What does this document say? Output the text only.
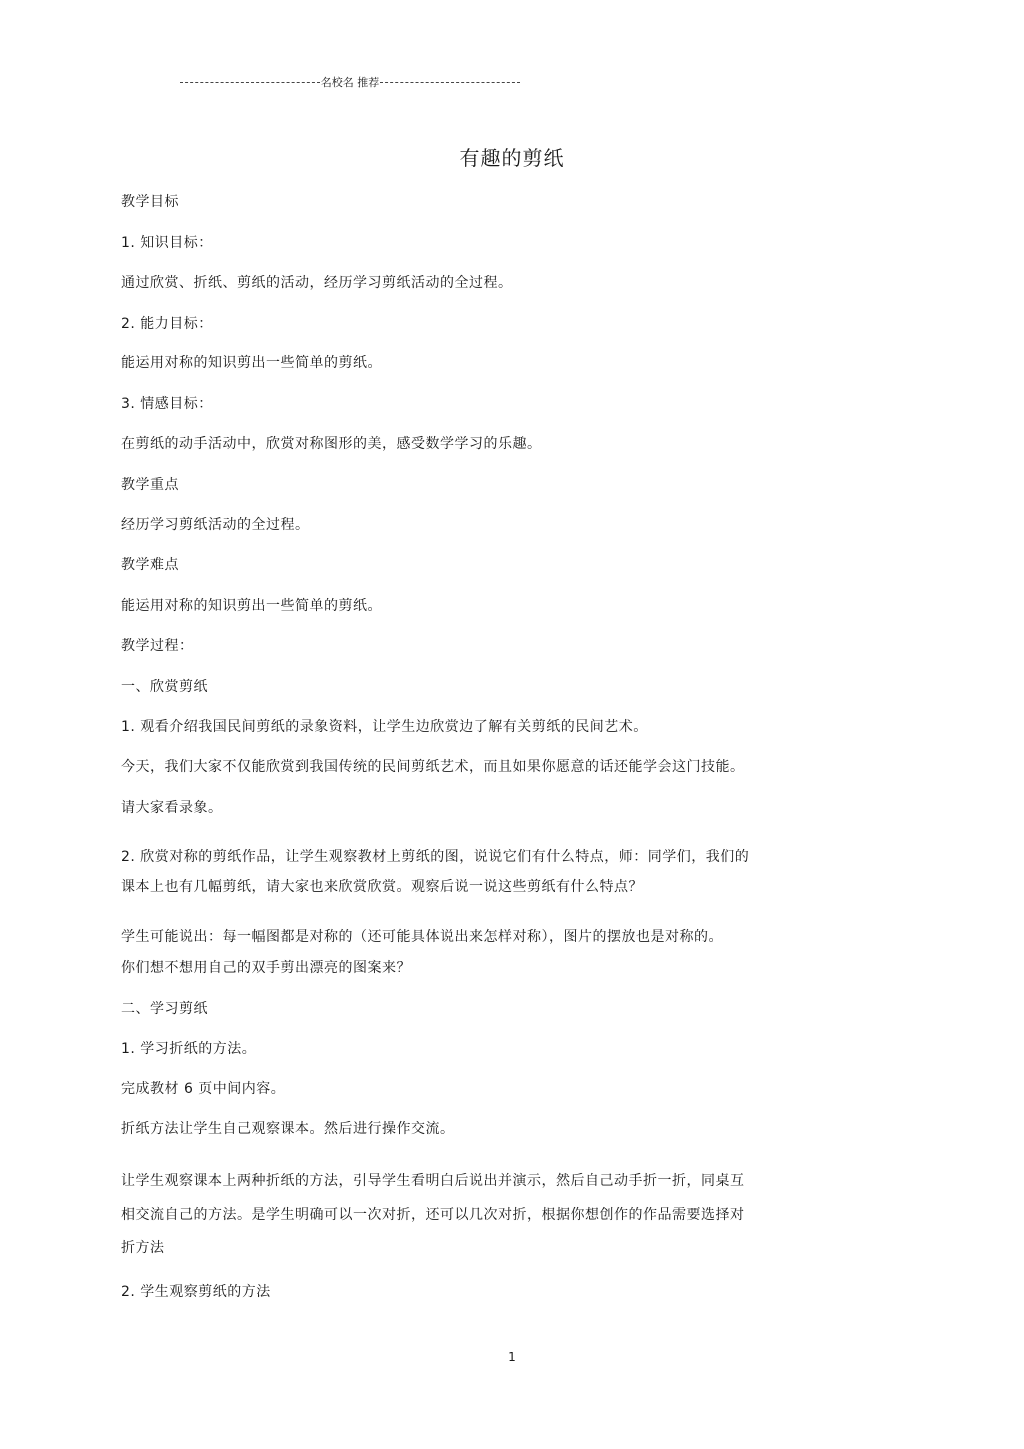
名校名 推荐
有趣的剪纸
教学目标
1. 知识目标：
通过欣赏、折纸、剪纸的活动，经历学习剪纸活动的全过程。
2. 能力目标：
能运用对称的知识剪出一些简单的剪纸。
3. 情感目标：
在剪纸的动手活动中，欣赏对称图形的美，感受数学学习的乐趣。
教学重点
经历学习剪纸活动的全过程。
教学难点
能运用对称的知识剪出一些简单的剪纸。
教学过程：
一、欣赏剪纸
1. 观看介绍我国民间剪纸的录象资料，让学生边欣赏边了解有关剪纸的民间艺术。
今天，我们大家不仅能欣赏到我国传统的民间剪纸艺术，而且如果你愿意的话还能学会这门技能。
请大家看录象。
2. 欣赏对称的剪纸作品，让学生观察教材上剪纸的图，说说它们有什么特点，师：同学们，我们的
课本上也有几幅剪纸，请大家也来欣赏欣赏。观察后说一说这些剪纸有什么特点？
学生可能说出：每一幅图都是对称的（还可能具体说出来怎样对称），图片的摆放也是对称的。
你们想不想用自己的双手剪出漂亮的图案来？
二、学习剪纸
1. 学习折纸的方法。
完成教材 6 页中间内容。
折纸方法让学生自己观察课本。然后进行操作交流。
让学生观察课本上两种折纸的方法，引导学生看明白后说出并演示，然后自己动手折一折，同桌互
相交流自己的方法。是学生明确可以一次对折，还可以几次对折，根据你想创作的作品需要选择对
折方法
2. 学生观察剪纸的方法
1
